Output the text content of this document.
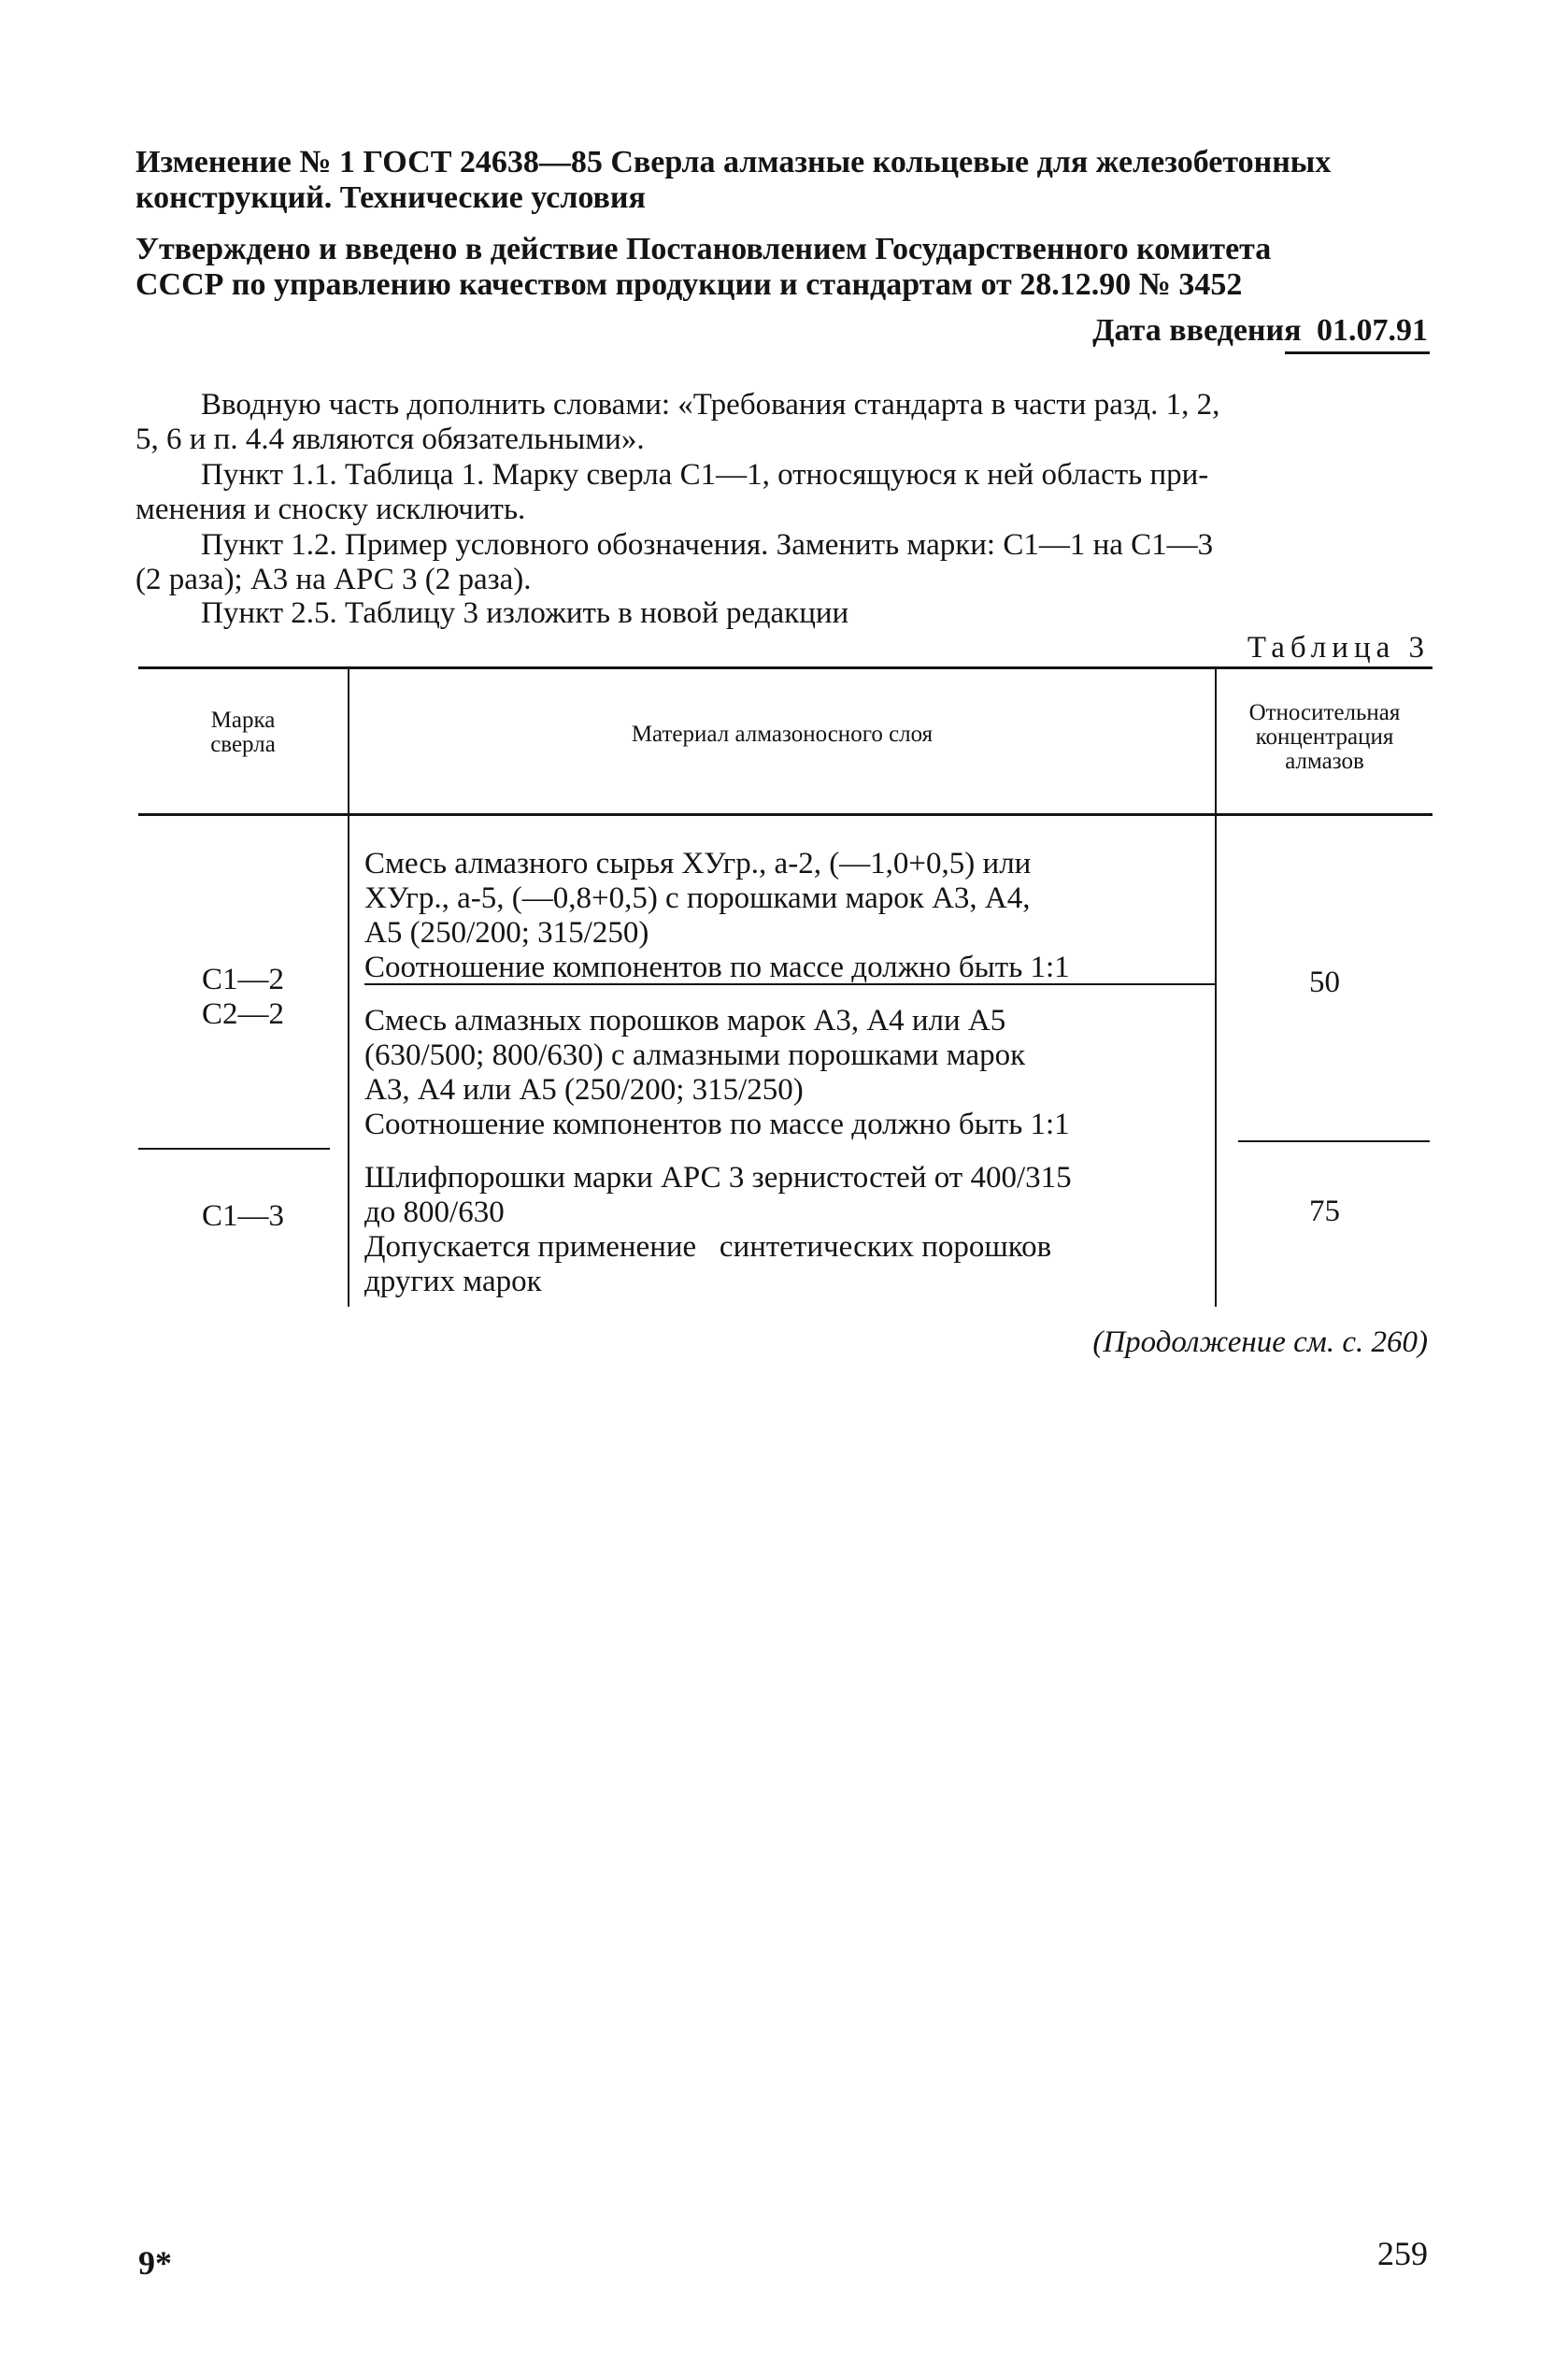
Изменение № 1 ГОСТ 24638—85 Сверла алмазные кольцевые для железобетонных
конструкций. Технические условия
Утверждено и введено в действие Постановлением Государственного комитета
СССР по управлению качеством продукции и стандартам от 28.12.90 № 3452
Дата введения 01.07.91
Вводную часть дополнить словами: «Требования стандарта в части разд. 1, 2,
5, 6 и п. 4.4 являются обязательными».
Пункт 1.1. Таблица 1. Марку сверла С1—1, относящуюся к ней область при-
менения и сноску исключить.
Пункт 1.2. Пример условного обозначения. Заменить марки: С1—1 на С1—3
(2 раза); А3 на АРС 3 (2 раза).
Пункт 2.5. Таблицу 3 изложить в новой редакции
Таблица 3
Марка
сверла	Материал алмазоносного слоя
Относительная
концентрация
алмазов
С1—2
С2—2
Смесь алмазного сырья ХУгр., а-2, (—1,0+0,5) или
ХУгр., а-5, (—0,8+0,5) с порошками марок А3, А4,
А5 (250/200; 315/250)
Соотношение компонентов по массе должно быть 1:1
Смесь алмазных порошков марок А3, А4 или А5
(630/500; 800/630) с алмазными порошками марок
А3, А4 или А5 (250/200; 315/250)
Соотношение компонентов по массе должно быть 1:1
50
С1—3
Шлифпорошки марки АРС 3 зернистостей от 400/315
до 800/630
Допускается применение   синтетических порошков
других марок
75
(Продолжение см. с. 260)
9*	259
